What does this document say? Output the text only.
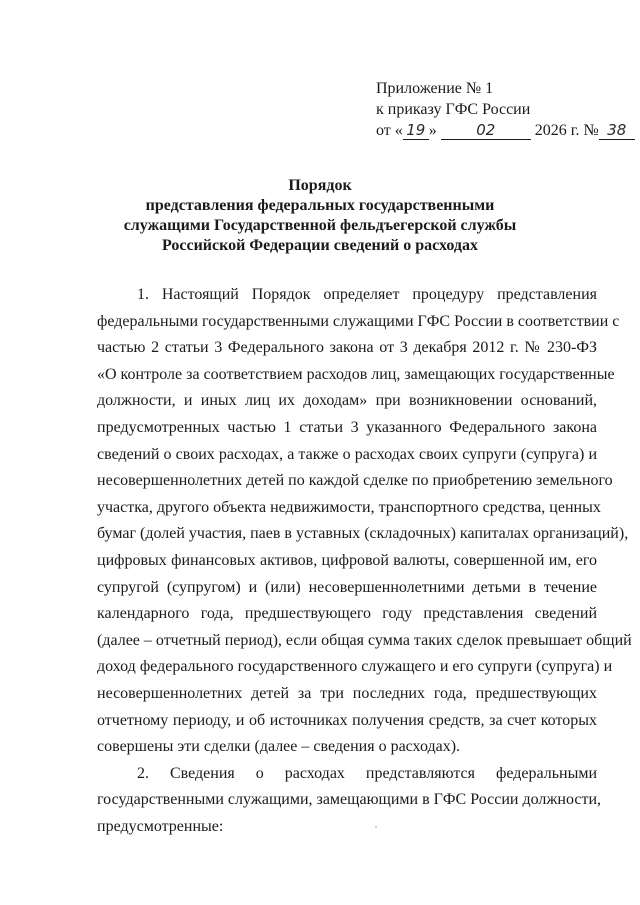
Приложение № 1
к приказу ГФС России
от « 19 »	02 2026 г. № 38
Порядок
представления федеральных государственными
служащими Государственной фельдъегерской службы
Российской Федерации сведений о расходах
1. Настоящий Порядок определяет процедуру представления
федеральными государственными служащими ГФС России в соответствии с
частью 2 статьи 3 Федерального закона от 3 декабря 2012 г. № 230-ФЗ
«О контроле за соответствием расходов лиц, замещающих государственные
должности, и иных лиц их доходам» при возникновении оснований,
предусмотренных частью 1 статьи 3 указанного Федерального закона
сведений о своих расходах, а также о расходах своих супруги (супруга) и
несовершеннолетних детей по каждой сделке по приобретению земельного
участка, другого объекта недвижимости, транспортного средства, ценных
бумаг (долей участия, паев в уставных (складочных) капиталах организаций),
цифровых финансовых активов, цифровой валюты, совершенной им, его
супругой (супругом) и (или) несовершеннолетними детьми в течение
календарного года, предшествующего году представления сведений
(далее – отчетный период), если общая сумма таких сделок превышает общий
доход федерального государственного служащего и его супруги (супруга) и
несовершеннолетних детей за три последних года, предшествующих
отчетному периоду, и об источниках получения средств, за счет которых
совершены эти сделки (далее – сведения о расходах).
2. Сведения о расходах представляются федеральными
государственными служащими, замещающими в ГФС России должности,
предусмотренные:
